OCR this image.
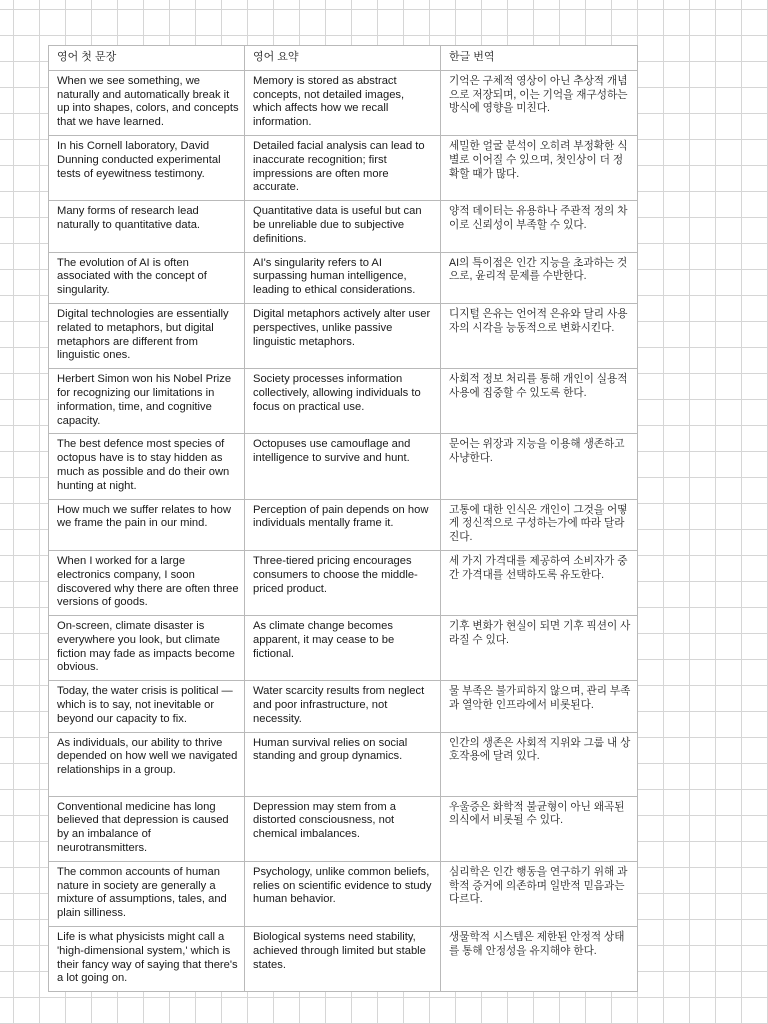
영어 첫 문장	영어 요약	한글 번역
When we see something, we naturally and automatically break it up into shapes, colors, and concepts that we have learned.	Memory is stored as abstract concepts, not detailed images, which affects how we recall information.	기억은 구체적 영상이 아닌 추상적 개념으로 저장되며, 이는 기억을 재구성하는 방식에 영향을 미친다.
In his Cornell laboratory, David Dunning conducted experimental tests of eyewitness testimony.	Detailed facial analysis can lead to inaccurate recognition; first impressions are often more accurate.	세밀한 얼굴 분석이 오히려 부정확한 식별로 이어질 수 있으며, 첫인상이 더 정확할 때가 많다.
Many forms of research lead naturally to quantitative data.	Quantitative data is useful but can be unreliable due to subjective definitions.	양적 데이터는 유용하나 주관적 정의 차이로 신뢰성이 부족할 수 있다.
The evolution of AI is often associated with the concept of singularity.	AI's singularity refers to AI surpassing human intelligence, leading to ethical considerations.	AI의 특이점은 인간 지능을 초과하는 것으로, 윤리적 문제를 수반한다.
Digital technologies are essentially related to metaphors, but digital metaphors are different from linguistic ones.	Digital metaphors actively alter user perspectives, unlike passive linguistic metaphors.	디지털 은유는 언어적 은유와 달리 사용자의 시각을 능동적으로 변화시킨다.
Herbert Simon won his Nobel Prize for recognizing our limitations in information, time, and cognitive capacity.	Society processes information collectively, allowing individuals to focus on practical use.	사회적 정보 처리를 통해 개인이 실용적 사용에 집중할 수 있도록 한다.
The best defence most species of octopus have is to stay hidden as much as possible and do their own hunting at night.	Octopuses use camouflage and intelligence to survive and hunt.	문어는 위장과 지능을 이용해 생존하고 사냥한다.
How much we suffer relates to how we frame the pain in our mind.	Perception of pain depends on how individuals mentally frame it.	고통에 대한 인식은 개인이 그것을 어떻게 정신적으로 구성하는가에 따라 달라진다.
When I worked for a large electronics company, I soon discovered why there are often three versions of goods.	Three-tiered pricing encourages consumers to choose the middle-priced product.	세 가지 가격대를 제공하여 소비자가 중간 가격대를 선택하도록 유도한다.
On-screen, climate disaster is everywhere you look, but climate fiction may fade as impacts become obvious.	As climate change becomes apparent, it may cease to be fictional.	기후 변화가 현실이 되면 기후 픽션이 사라질 수 있다.
Today, the water crisis is political — which is to say, not inevitable or beyond our capacity to fix.	Water scarcity results from neglect and poor infrastructure, not necessity.	물 부족은 불가피하지 않으며, 관리 부족과 열악한 인프라에서 비롯된다.
As individuals, our ability to thrive depended on how well we navigated relationships in a group.	Human survival relies on social standing and group dynamics.	인간의 생존은 사회적 지위와 그룹 내 상호작용에 달려 있다.
Conventional medicine has long believed that depression is caused by an imbalance of neurotransmitters.	Depression may stem from a distorted consciousness, not chemical imbalances.	우울증은 화학적 불균형이 아닌 왜곡된 의식에서 비롯될 수 있다.
The common accounts of human nature in society are generally a mixture of assumptions, tales, and plain silliness.	Psychology, unlike common beliefs, relies on scientific evidence to study human behavior.	심리학은 인간 행동을 연구하기 위해 과학적 증거에 의존하며 일반적 믿음과는 다르다.
Life is what physicists might call a 'high-dimensional system,' which is their fancy way of saying that there's a lot going on.	Biological systems need stability, achieved through limited but stable states.	생물학적 시스템은 제한된 안정적 상태를 통해 안정성을 유지해야 한다.
